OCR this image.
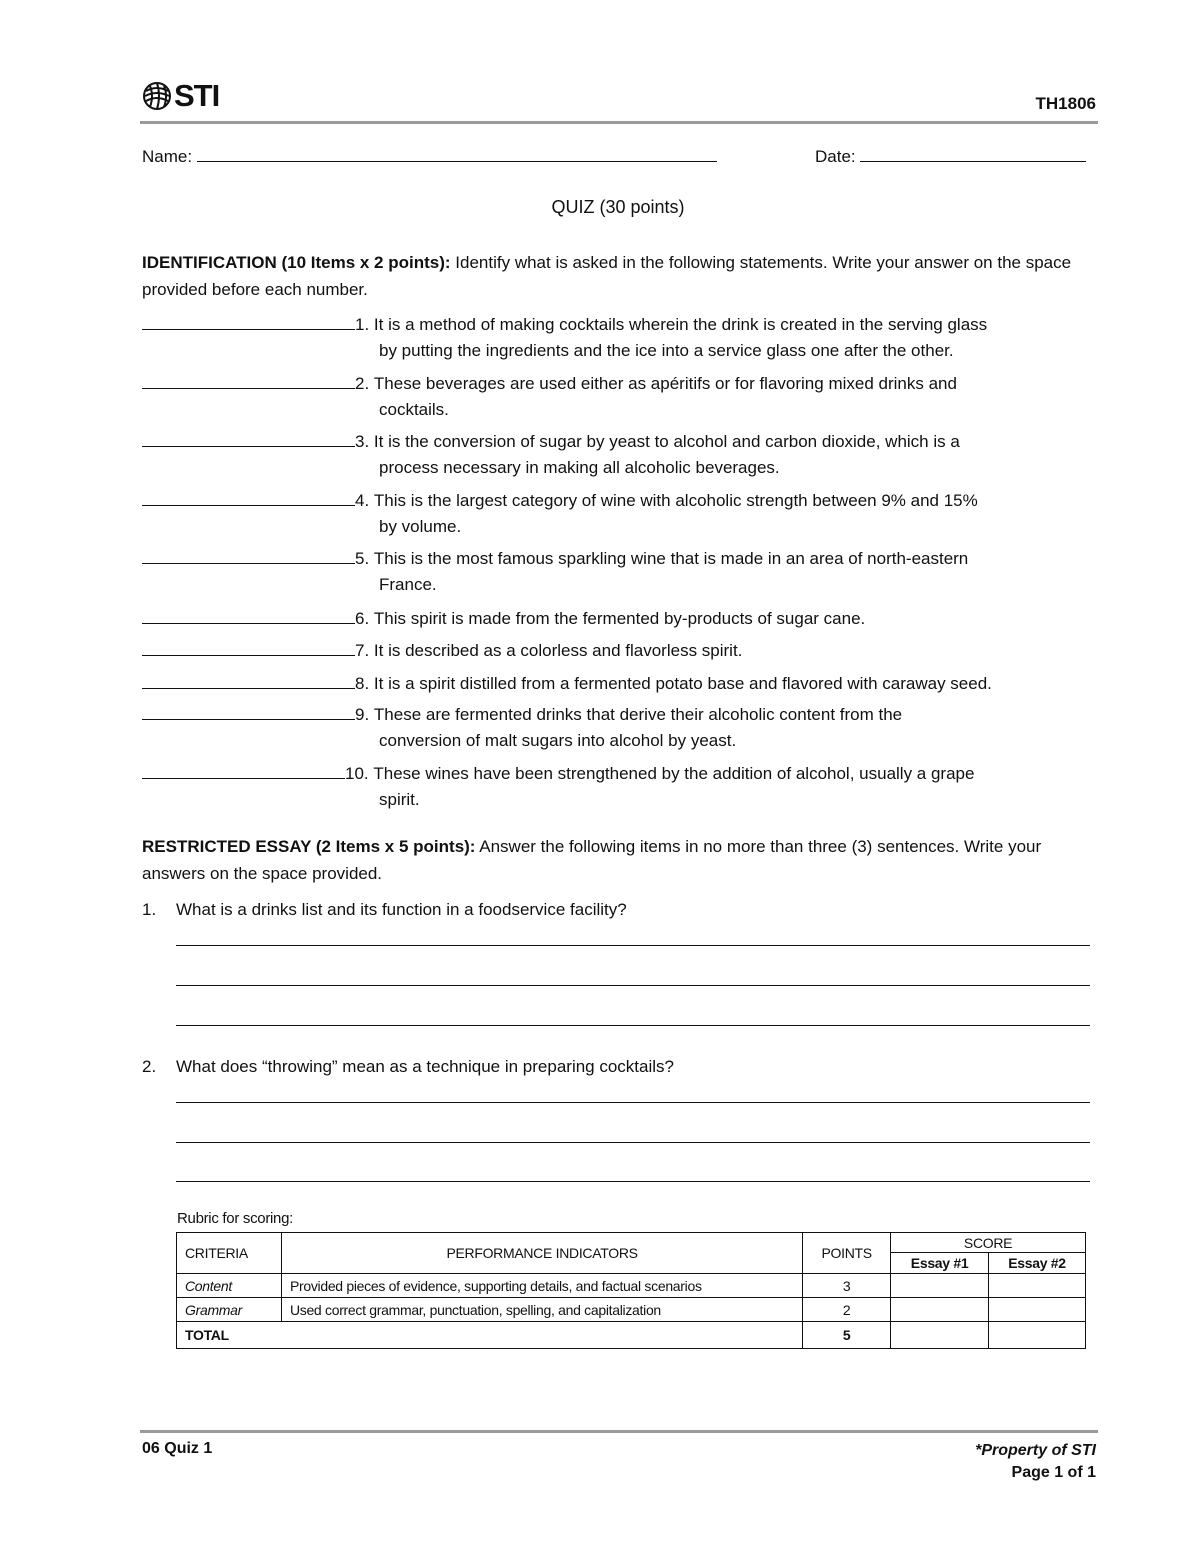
STI	TH1806
Name:	Date:
QUIZ (30 points)
IDENTIFICATION (10 Items x 2 points): Identify what is asked in the following statements. Write your answer on the space provided before each number.
1.
It is a method of making cocktails wherein the drink is created in the serving glass
by putting the ingredients and the ice into a service glass one after the other.
2.
These beverages are used either as apéritifs or for flavoring mixed drinks and
cocktails.
3.
It is the conversion of sugar by yeast to alcohol and carbon dioxide, which is a
process necessary in making all alcoholic beverages.
4.
This is the largest category of wine with alcoholic strength between 9% and 15%
by volume.
5.
This is the most famous sparkling wine that is made in an area of north-eastern
France.
6.
This spirit is made from the fermented by-products of sugar cane.
7.
It is described as a colorless and flavorless spirit.
8.
It is a spirit distilled from a fermented potato base and flavored with caraway seed.
9.
These are fermented drinks that derive their alcoholic content from the
conversion of malt sugars into alcohol by yeast.
10.
These wines have been strengthened by the addition of alcohol, usually a grape
spirit.
RESTRICTED ESSAY (2 Items x 5 points): Answer the following items in no more than three (3) sentences. Write your answers on the space provided.
1. What is a drinks list and its function in a foodservice facility?
2. What does “throwing” mean as a technique in preparing cocktails?
Rubric for scoring:
CRITERIA	PERFORMANCE INDICATORS	POINTS	SCORE	
			Essay #1	Essay #2
Content	Provided pieces of evidence, supporting details, and factual scenarios	3		
Grammar	Used correct grammar, punctuation, spelling, and capitalization	2		
TOTAL		5		
06 Quiz 1	*Property of STI
Page 1 of 1
